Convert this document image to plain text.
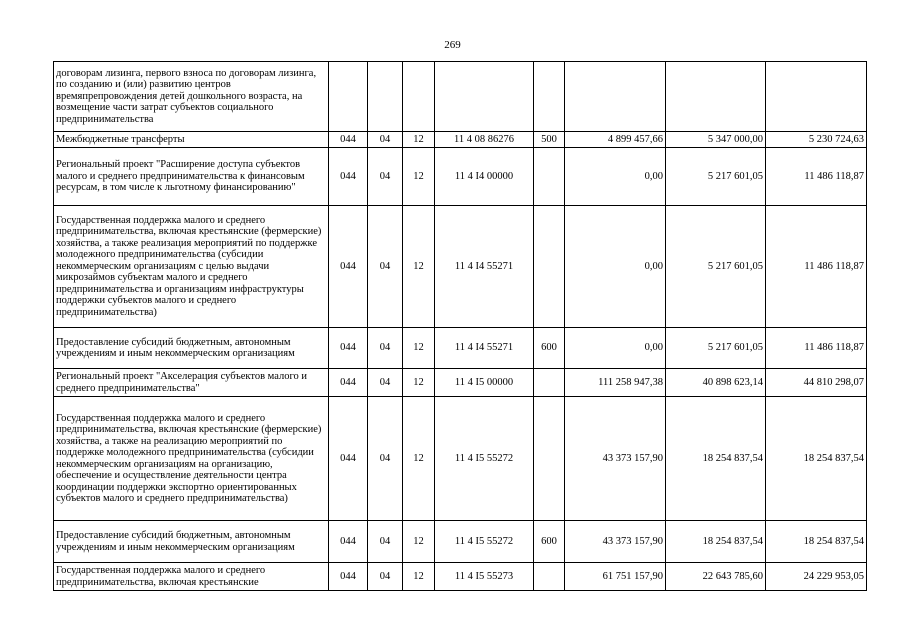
269
договорам лизинга, первого взноса по договорам лизинга, по созданию и (или) развитию центров времяпрепровождения детей дошкольного возраста, на возмещение части затрат субъектов социального предпринимательства								
Межбюджетные трансферты	044	04	12	11 4 08 86276	500	4 899 457,66	5 347 000,00	5 230 724,63
Региональный проект "Расширение доступа субъектов малого и среднего предпринимательства к финансовым ресурсам, в том числе к льготному финансированию"	044	04	12	11 4 I4 00000		0,00	5 217 601,05	11 486 118,87
Государственная поддержка малого и среднего предпринимательства, включая крестьянские (фермерские) хозяйства, а также реализация мероприятий по поддержке молодежного предпринимательства (субсидии некоммерческим организациям с целью выдачи микрозаймов субъектам малого и среднего предпринимательства и организациям инфраструктуры поддержки субъектов малого и среднего предпринимательства)	044	04	12	11 4 I4 55271		0,00	5 217 601,05	11 486 118,87
Предоставление субсидий бюджетным, автономным учреждениям и иным некоммерческим организациям	044	04	12	11 4 I4 55271	600	0,00	5 217 601,05	11 486 118,87
Региональный проект "Акселерация субъектов малого и среднего предпринимательства"	044	04	12	11 4 I5 00000		111 258 947,38	40 898 623,14	44 810 298,07
Государственная поддержка малого и среднего предпринимательства, включая крестьянские (фермерские) хозяйства, а также на реализацию мероприятий по поддержке молодежного предпринимательства (субсидии некоммерческим организациям на организацию, обеспечение и осуществление деятельности центра координации поддержки экспортно ориентированных субъектов малого и среднего предпринимательства)	044	04	12	11 4 I5 55272		43 373 157,90	18 254 837,54	18 254 837,54
Предоставление субсидий бюджетным, автономным учреждениям и иным некоммерческим организациям	044	04	12	11 4 I5 55272	600	43 373 157,90	18 254 837,54	18 254 837,54
Государственная поддержка малого и среднего предпринимательства, включая крестьянские	044	04	12	11 4 I5 55273		61 751 157,90	22 643 785,60	24 229 953,05
